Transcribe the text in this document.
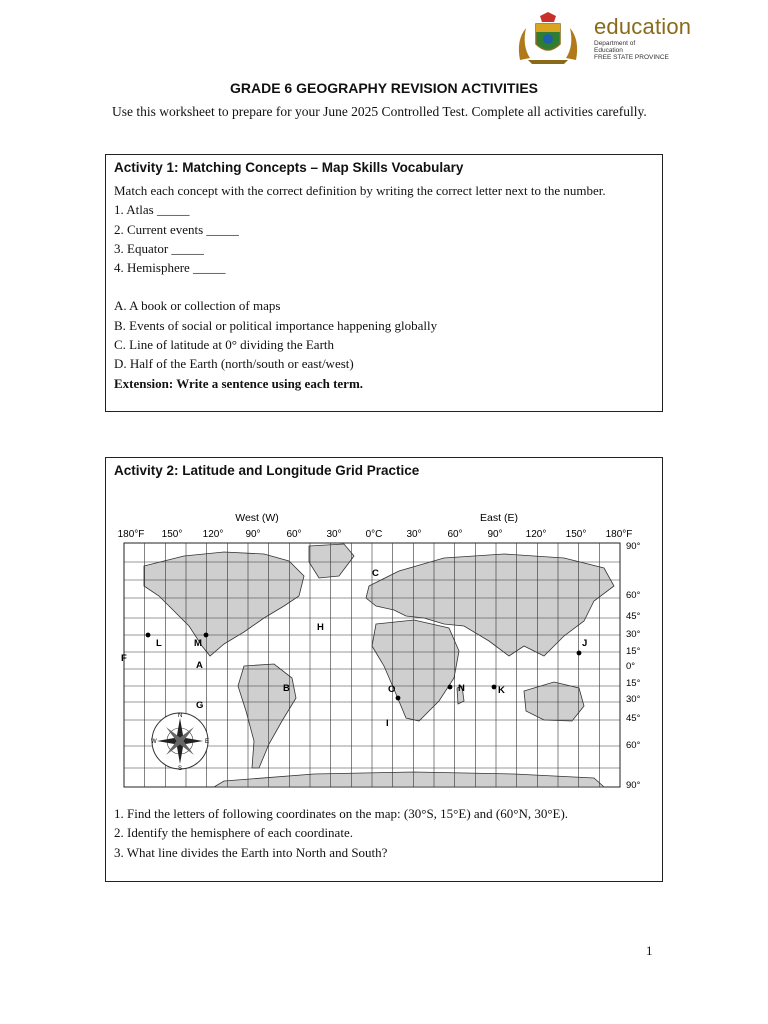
education
Department of
Education
FREE STATE PROVINCE
GRADE 6 GEOGRAPHY REVISION ACTIVITIES
Use this worksheet to prepare for your June 2025 Controlled Test. Complete all activities carefully.
Activity 1: Matching Concepts – Map Skills Vocabulary
Match each concept with the correct definition by writing the correct letter next to the number.
1. Atlas _____
2. Current events _____
3. Equator _____
4. Hemisphere _____
A. A book or collection of maps
B. Events of social or political importance happening globally
C. Line of latitude at 0° dividing the Earth
D. Half of the Earth (north/south or east/west)
Extension: Write a sentence using each term.
Activity 2: Latitude and Longitude Grid Practice
West (W)	East (E)
180°F 150° 120° 90°	60° 30° 0°C 30°	60° 90° 120° 150° 180°F
90°
60°
45°
30°
15°
0°
15°
30°
45°
60°
90°
C
H
L	M
A
F
B
G
O
I
N	K
J
N
E
S
W
1. Find the letters of following coordinates on the map: (30°S, 15°E) and (60°N, 30°E).
2. Identify the hemisphere of each coordinate.
3. What line divides the Earth into North and South?
1
